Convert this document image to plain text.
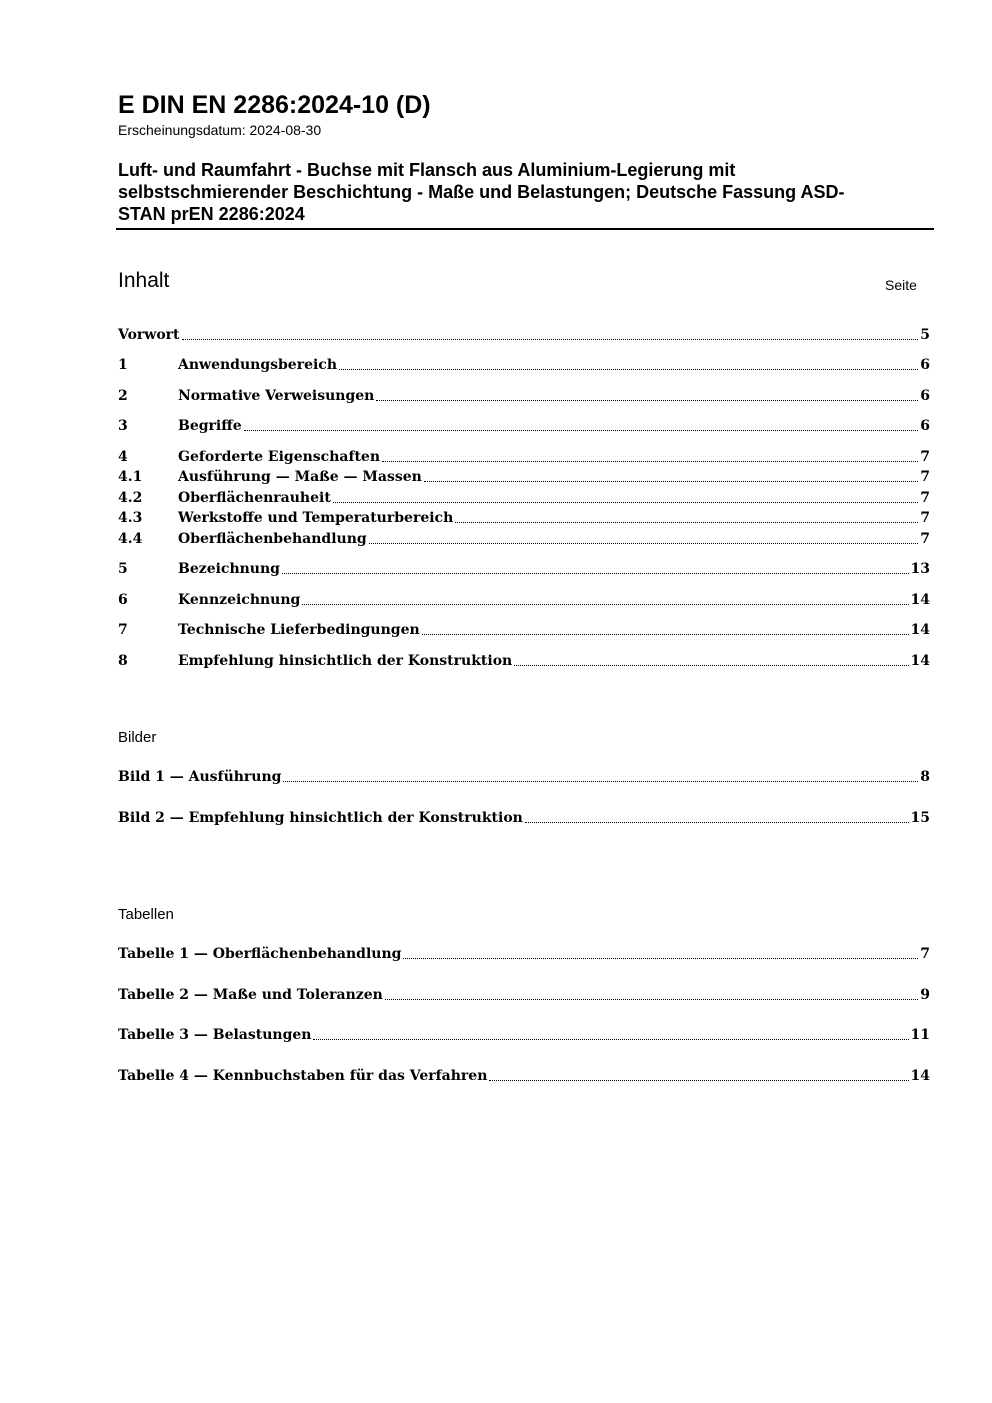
E DIN EN 2286:2024-10 (D)
Erscheinungsdatum: 2024-08-30
Luft- und Raumfahrt - Buchse mit Flansch aus Aluminium-Legierung mit
selbstschmierender Beschichtung - Maße und Belastungen; Deutsche Fassung ASD-
STAN prEN 2286:2024
Inhalt	Seite
Vorwort	5
1	Anwendungsbereich	6
2	Normative Verweisungen	6
3	Begriffe	6
4	Geforderte Eigenschaften	7
4.1	Ausführung — Maße — Massen	7
4.2	Oberflächenrauheit	7
4.3	Werkstoffe und Temperaturbereich	7
4.4	Oberflächenbehandlung	7
5	Bezeichnung	13
6	Kennzeichnung	14
7	Technische Lieferbedingungen	14
8	Empfehlung hinsichtlich der Konstruktion	14
Bilder
Bild 1 — Ausführung	8
Bild 2 — Empfehlung hinsichtlich der Konstruktion	15
Tabellen
Tabelle 1 — Oberflächenbehandlung	7
Tabelle 2 — Maße und Toleranzen	9
Tabelle 3 — Belastungen	11
Tabelle 4 — Kennbuchstaben für das Verfahren	14
